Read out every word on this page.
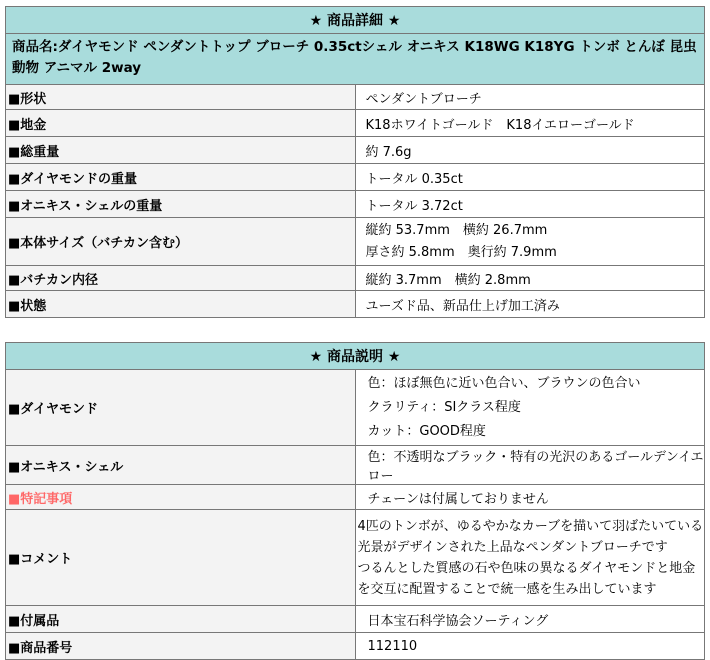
★ 商品詳細 ★	
商品名:ダイヤモンド ペンダントトップ ブローチ 0.35ctシェル オニキス K18WG K18YG トンボ とんぼ 昆虫 動物 アニマル 2way	
■形状	ペンダントブローチ
■地金	K18ホワイトゴールド　K18イエローゴールド
■総重量	約 7.6g
■ダイヤモンドの重量	トータル 0.35ct
■オニキス・シェルの重量	トータル 3.72ct
■本体サイズ（バチカン含む）	縦約 53.7mm　横約 26.7mm
厚さ約 5.8mm　奥行約 7.9mm

■バチカン内径	縦約 3.7mm　横約 2.8mm
■状態	ユーズド品、新品仕上げ加工済み
★ 商品説明 ★	
■ダイヤモンド	色：ほぼ無色に近い色合い、ブラウンの色合い
クラリティ：SIクラス程度
カット：GOOD程度

■オニキス・シェル	色：不透明なブラック・特有の光沢のあるゴールデンイエロー
■特記事項	チェーンは付属しておりません
■コメント	4匹のトンボが、ゆるやかなカーブを描いて羽ばたいている光景がデザインされた上品なペンダントブローチです
つるんとした質感の石や色味の異なるダイヤモンドと地金を交互に配置することで統一感を生み出しています

■付属品	日本宝石科学協会ソーティング
■商品番号	112110
